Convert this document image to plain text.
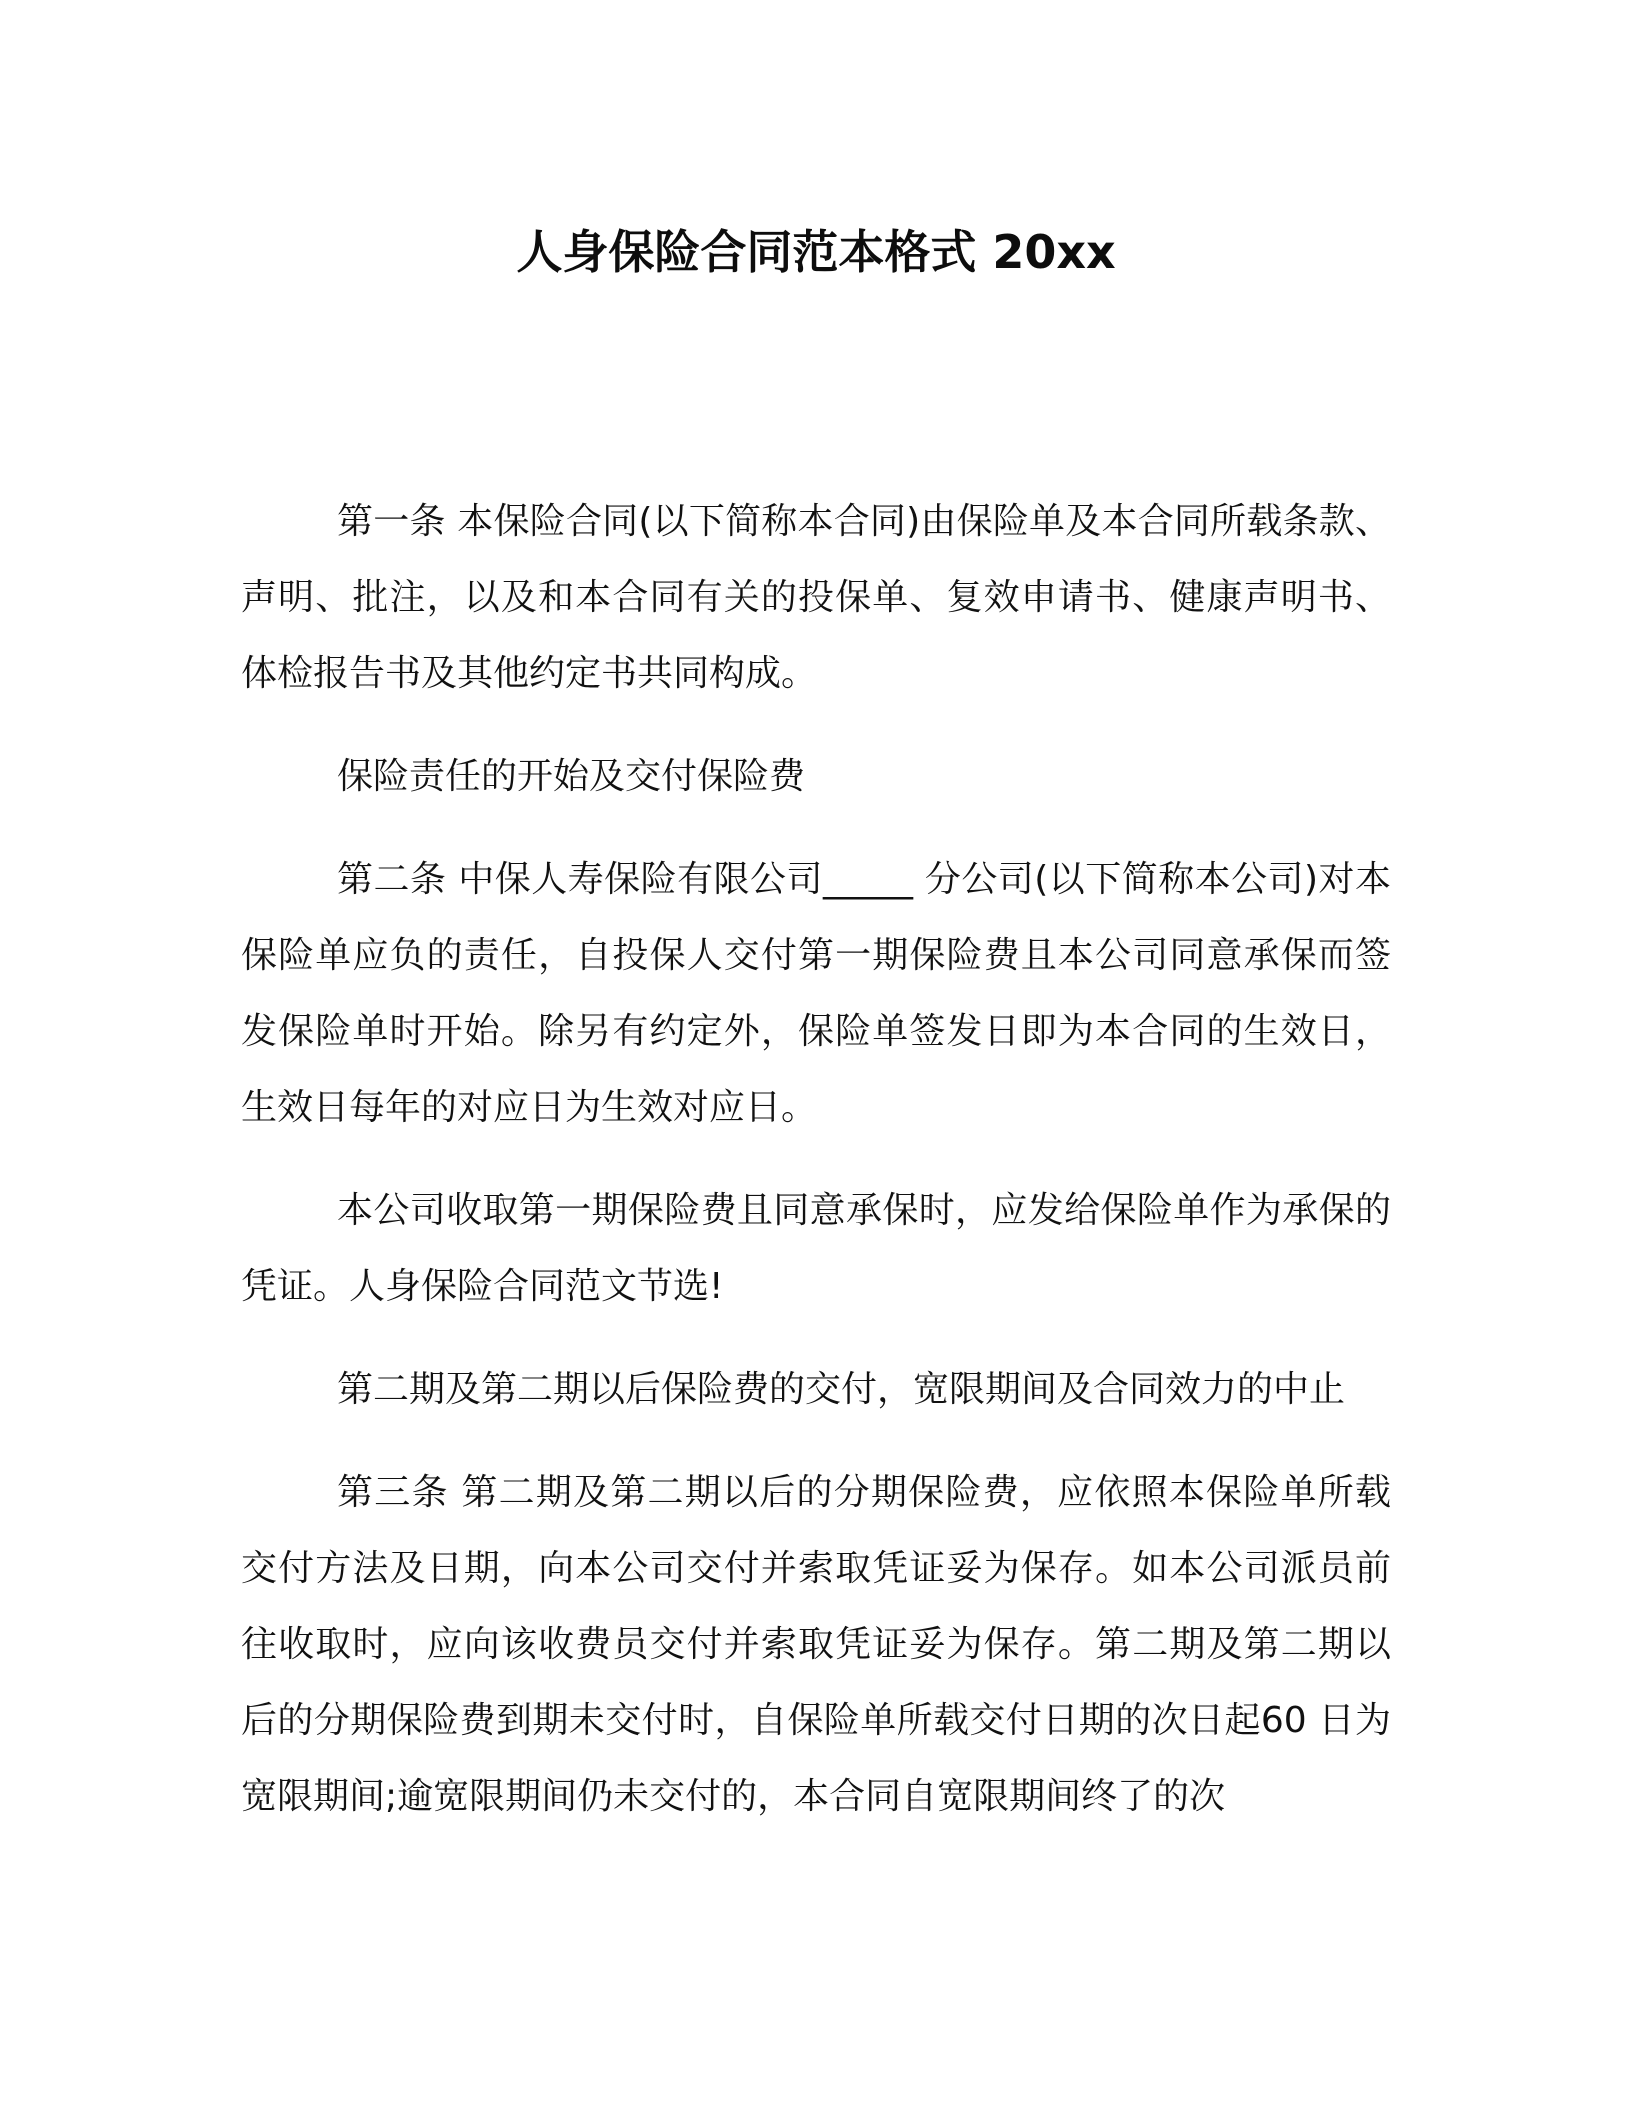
人身保险合同范本格式 20xx

第一条 本保险合同(以下简称本合同)由保险单及本合同所载条款、声明、批注，以及和本合同有关的投保单、复效申请书、健康声明书、体检报告书及其他约定书共同构成。

保险责任的开始及交付保险费

第二条 中保人寿保险有限公司_____ 分公司(以下简称本公司)对本保险单应负的责任，自投保人交付第一期保险费且本公司同意承保而签发保险单时开始。除另有约定外，保险单签发日即为本合同的生效日，生效日每年的对应日为生效对应日。

本公司收取第一期保险费且同意承保时，应发给保险单作为承保的凭证。人身保险合同范文节选!

第二期及第二期以后保险费的交付，宽限期间及合同效力的中止

第三条 第二期及第二期以后的分期保险费，应依照本保险单所载交付方法及日期，向本公司交付并索取凭证妥为保存。如本公司派员前往收取时，应向该收费员交付并索取凭证妥为保存。第二期及第二期以后的分期保险费到期未交付时，自保险单所载交付日期的次日起60 日为宽限期间;逾宽限期间仍未交付的，本合同自宽限期间终了的次
